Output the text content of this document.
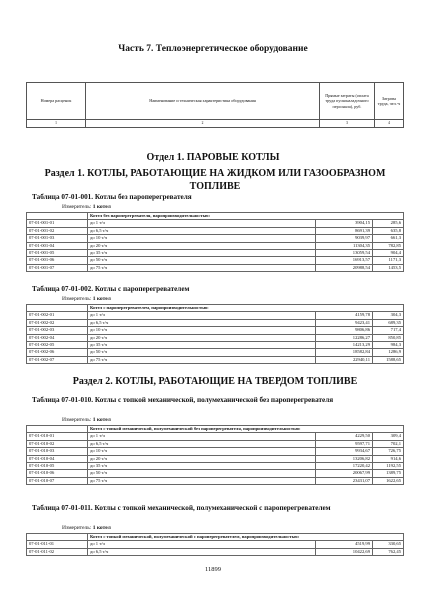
Часть 7. Теплоэнергетическое оборудование
Номера расценок	Наименование и техническая характеристика оборудования	Прямые затраты (оплата труда пусконаладочного персонала), руб.	Затраты труда, чел.-ч
1	2	3	4
Отдел 1. ПАРОВЫЕ КОТЛЫ
Раздел 1. КОТЛЫ, РАБОТАЮЩИЕ НА ЖИДКОМ ИЛИ ГАЗООБРАЗНОМ ТОПЛИВЕ
Таблица 07-01-001. Котлы без пароперегревателя
Измеритель: 1 котел
	Котел без пароперегревателя, паропроизводительностью:		
07-01-001-01	до 1 т/ч	3904,15	285,6
07-01-001-02	до 6,5 т/ч	8691,39	635,8
07-01-001-03	до 10 т/ч	9039,97	661,3
07-01-001-04	до 20 т/ч	11304,35	782,85
07-01-001-05	до 35 т/ч	13059,54	904,4
07-01-001-06	до 50 т/ч	16913,57	1171,3
07-01-001-07	до 75 т/ч	20988,54	1453,5
Таблица 07-01-002. Котлы с пароперегревателем
Измеритель: 1 котел
	Котел с пароперегревателем, паропроизводительностью:		
07-01-002-01	до 1 т/ч	4159,78	304,3
07-01-002-02	до 6,5 т/ч	9423,41	689,35
07-01-002-03	до 10 т/ч	9806,86	717,4
07-01-002-04	до 20 т/ч	12286,27	850,85
07-01-002-05	до 35 т/ч	14213,29	984,3
07-01-002-06	до 50 т/ч	18582,84	1286,9
07-01-002-07	до 75 т/ч	22940,11	1588,65
Раздел 2. КОТЛЫ, РАБОТАЮЩИЕ НА ТВЕРДОМ ТОПЛИВЕ
Таблица 07-01-010. Котлы с топкой механической, полумеханической без пароперегревателя
Измеритель: 1 котел
	Котел с топкой механической, полумеханической без пароперегревателя, паропроизводительностью:		
07-01-010-01	до 1 т/ч	4229,50	309,4
07-01-010-02	до 6,5 т/ч	9597,71	702,1
07-01-010-03	до 10 т/ч	9934,67	726,75
07-01-010-04	до 20 т/ч	13206,82	914,6
07-01-010-05	до 35 т/ч	17220,42	1192,55
07-01-010-06	до 50 т/ч	20067,99	1389,75
07-01-010-07	до 75 т/ч	23431,07	1622,65
Таблица 07-01-011. Котлы с топкой механической, полумеханической с пароперегревателем
Измеритель: 1 котел
	Котел с топкой механической, полумеханической с пароперегревателем, паропроизводительностью:		
07-01-011-01	до 1 т/ч	4519,99	330,65
07-01-011-02	до 6,5 т/ч	10422,69	762,45
11899
